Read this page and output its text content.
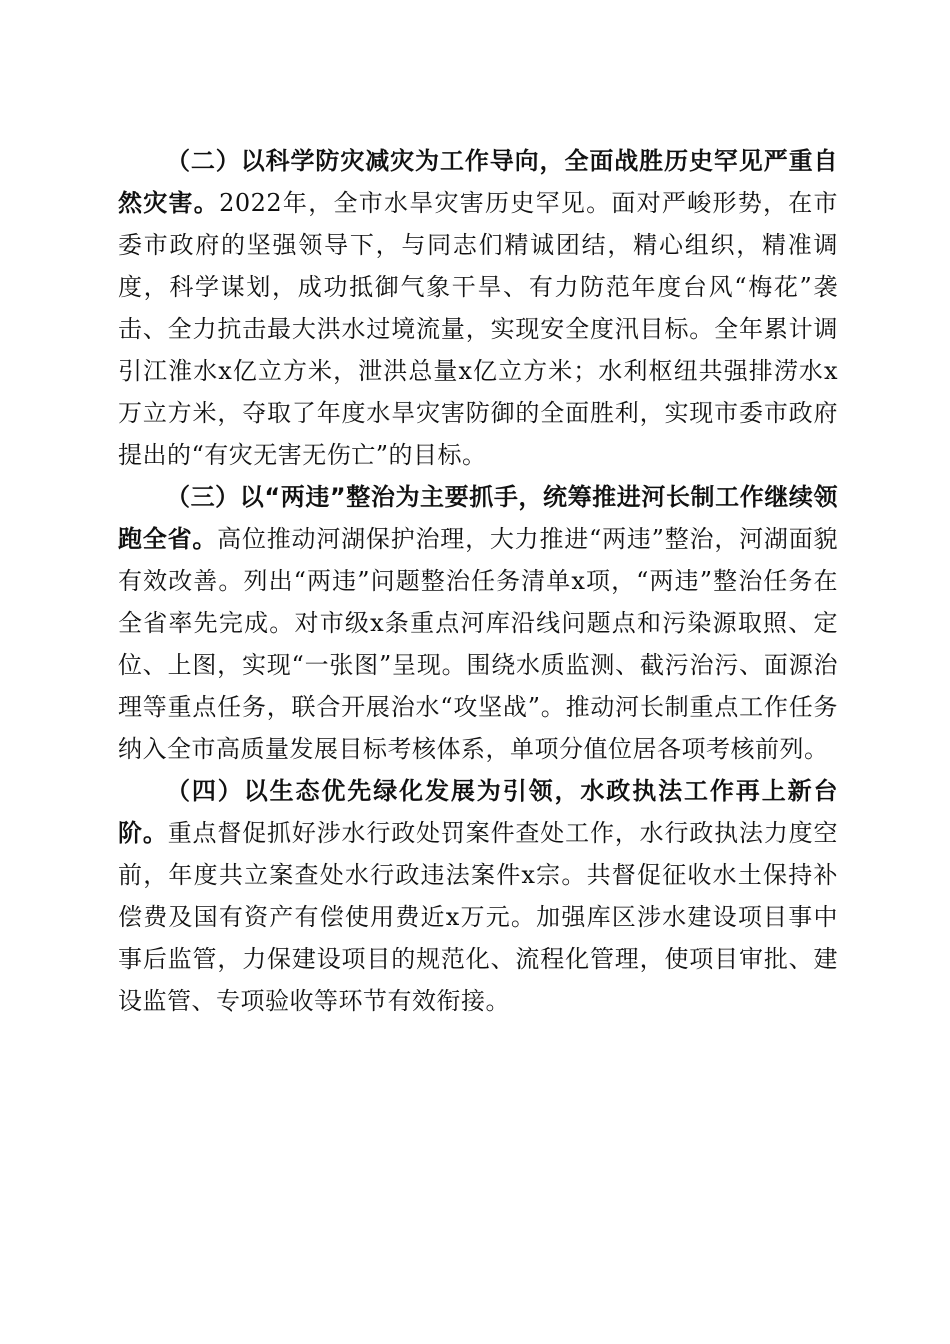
（二）以科学防灾减灾为工作导向，全面战胜历史罕见严重自然灾害。2022年，全市水旱灾害历史罕见。面对严峻形势，在市委市政府的坚强领导下，与同志们精诚团结，精心组织，精准调度，科学谋划，成功抵御气象干旱、有力防范年度台风“梅花”袭击、全力抗击最大洪水过境流量，实现安全度汛目标。全年累计调引江淮水x亿立方米，泄洪总量x亿立方米；水利枢纽共强排涝水x万立方米，夺取了年度水旱灾害防御的全面胜利，实现市委市政府提出的“有灾无害无伤亡”的目标。

（三）以“两违”整治为主要抓手，统筹推进河长制工作继续领跑全省。高位推动河湖保护治理，大力推进“两违”整治，河湖面貌有效改善。列出“两违”问题整治任务清单x项，“两违”整治任务在全省率先完成。对市级x条重点河库沿线问题点和污染源取照、定位、上图，实现“一张图”呈现。围绕水质监测、截污治污、面源治理等重点任务，联合开展治水“攻坚战”。推动河长制重点工作任务纳入全市高质量发展目标考核体系，单项分值位居各项考核前列。

（四）以生态优先绿化发展为引领，水政执法工作再上新台阶。重点督促抓好涉水行政处罚案件查处工作，水行政执法力度空前，年度共立案查处水行政违法案件x宗。共督促征收水土保持补偿费及国有资产有偿使用费近x万元。加强库区涉水建设项目事中事后监管，力保建设项目的规范化、流程化管理，使项目审批、建设监管、专项验收等环节有效衔接。
